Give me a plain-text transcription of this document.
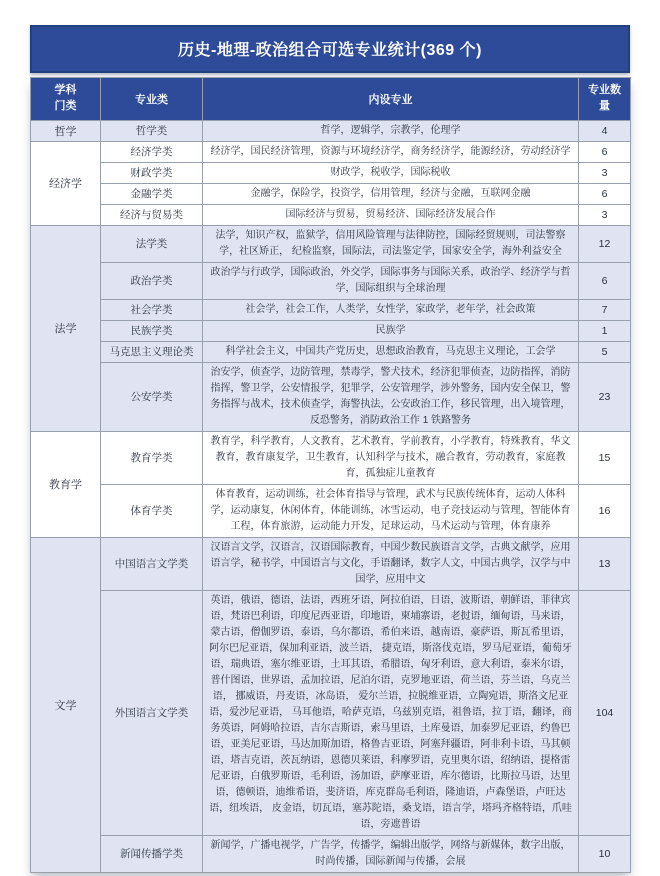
历史-地理-政治组合可选专业统计(369 个)
学科门类	专业类	内设专业	专业数量
哲学	哲学类	哲学，逻辑学，宗教学，伦理学	4
经济学	经济学类	经济学，国民经济管理，资源与环境经济学，商务经济学，能源经济，劳动经济学	6
	财政学类	财政学，税收学，国际税收	3
	金融学类	金融学，保险学，投资学，信用管理，经济与金融，互联网金融	6
	经济与贸易类	国际经济与贸易，贸易经济、国际经济发展合作	3
法学	法学类	法学，知识产权，监狱学，信用风险管理与法律防控，国际经贸规则，司法警察学，社区矫正， 纪检监察，国际法，司法鉴定学，国家安全学，海外利益安全	12
	政治学类	政治学与行政学，国际政治，外交学，国际事务与国际关系，政治学、经济学与哲学，国际组织与全球治理	6
	社会学类	社会学，社会工作，人类学，女性学，家政学，老年学，社会政策	7
	民族学类	民族学	1
	马克思主义理论类	科学社会主义，中国共产党历史，思想政治教育，马克思主义理论，工会学	5
	公安学类	治安学，侦查学，边防管理，禁毒学，警犬技术，经济犯罪侦查，边防指挥，消防指挥，警卫学，公安情报学，犯罪学，公安管理学，涉外警务，国内安全保卫，警务指挥与战术，技术侦查学，海警执法，公安政治工作，移民管理，出入境管理，反恐警务，消防政治工作 1 铁路警务	23
教育学	教育学类	教育学，科学教育，人文教育，艺术教育，学前教育，小学教育，特殊教育，华文教育，教育康复学，卫生教育，认知科学与技术，融合教育，劳动教育，家庭教育，孤独症儿童教育	15
	体育学类	体育教育，运动训练，社会体育指导与管理，武术与民族传统体育，运动人体科学，运动康复，休闲体育，体能训练，冰雪运动，电子竞技运动与管理，智能体育工程，体育旅游，运动能力开发，足球运动，马术运动与管理，体育康养	16
文学	中国语言文学类	汉语言文学，汉语言，汉语国际教育，中国少数民族语言文学，古典文献学，应用语言学，秘书学，中国语言与文化，手语翻译，数字人文，中国古典学，汉学与中国学，应用中文	13
	外国语言文学类	英语，俄语，德语，法语，西班牙语，阿拉伯语，日语，波斯语，朝鲜语，菲律宾语，梵语巴利语，印度尼西亚语，印地语，柬埔寨语，老挝语，缅甸语，马来语，蒙古语，僧伽罗语，泰语，乌尔都语，希伯来语，越南语，豪萨语，斯瓦希里语，阿尔巴尼亚语，保加利亚语，波兰语， 捷克语，斯洛伐克语，罗马尼亚语，葡萄牙语，瑞典语，塞尔维亚语，土耳其语，希腊语，匈牙利语，意大利语，泰米尔语，普什图语，世界语，孟加拉语，尼泊尔语，克罗地亚语，荷兰语，芬兰语，乌克兰语， 挪威语，丹麦语，冰岛语， 爱尔兰语，拉脱维亚语，立陶宛语，斯洛文尼亚语，爱沙尼亚语， 马耳他语，哈萨克语，乌兹别克语，祖鲁语，拉丁语，翻译，商务英语，阿姆哈拉语，吉尔吉斯语，索马里语，土库曼语，加泰罗尼亚语，约鲁巴语，亚美尼亚语，马达加斯加语，格鲁吉亚语，阿塞拜疆语，阿非利卡语，马其顿语，塔吉克语，茨瓦纳语，恩德贝莱语，科摩罗语，克里奥尔语，绍纳语，提格雷尼亚语，白俄罗斯语，毛利语，汤加语，萨摩亚语，库尔德语，比斯拉马语，达里语，德顿语，迪维希语，斐济语，库克群岛毛利语，隆迪语，卢森堡语，卢旺达语，纽埃语， 皮金语，切瓦语，塞苏陀语，桑戈语，语言学，塔玛齐格特语，爪哇语，旁遮普语	104
	新闻传播学类	新闻学，广播电视学，广告学，传播学，编辑出版学，网络与新媒体，数字出版，时尚传播，国际新闻与传播，会展	10
